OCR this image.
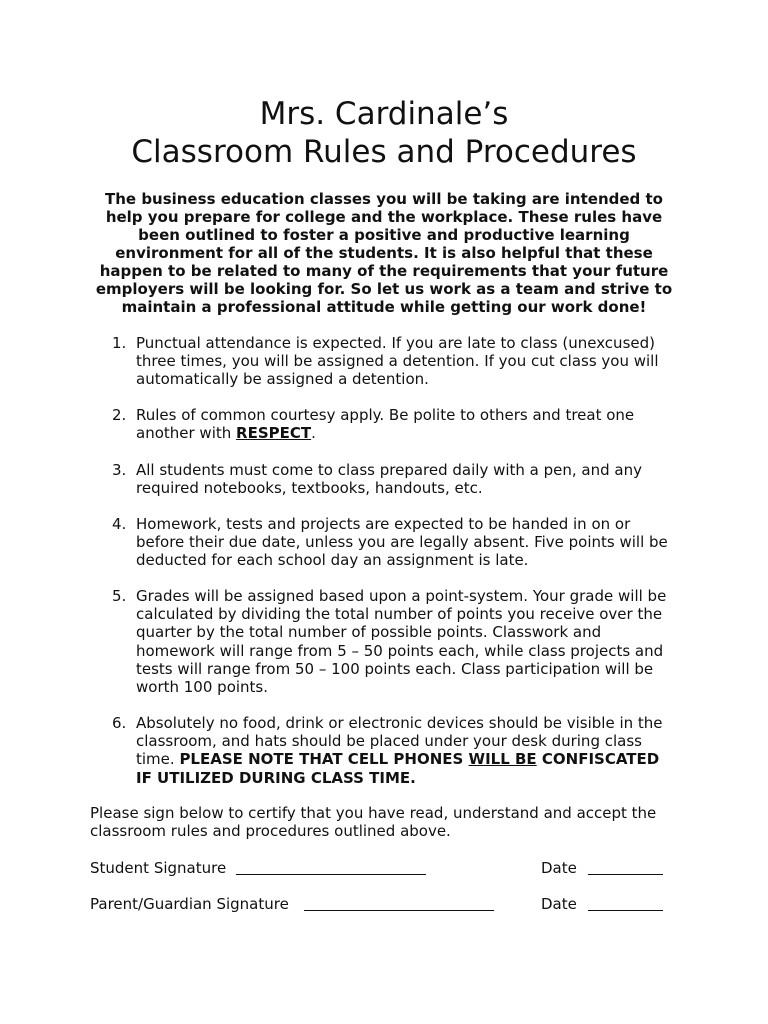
Mrs. Cardinale’s
Classroom Rules and Procedures
The business education classes you will be taking are intended to
help you prepare for college and the workplace. These rules have
been outlined to foster a positive and productive learning
environment for all of the students. It is also helpful that these
happen to be related to many of the requirements that your future
employers will be looking for. So let us work as a team and strive to
maintain a professional attitude while getting our work done!
1. Punctual attendance is expected. If you are late to class (unexcused)
three times, you will be assigned a detention. If you cut class you will
automatically be assigned a detention.
2. Rules of common courtesy apply. Be polite to others and treat one
another with RESPECT.
3. All students must come to class prepared daily with a pen, and any
required notebooks, textbooks, handouts, etc.
4. Homework, tests and projects are expected to be handed in on or
before their due date, unless you are legally absent. Five points will be
deducted for each school day an assignment is late.
5. Grades will be assigned based upon a point-system. Your grade will be
calculated by dividing the total number of points you receive over the
quarter by the total number of possible points. Classwork and
homework will range from 5 – 50 points each, while class projects and
tests will range from 50 – 100 points each. Class participation will be
worth 100 points.
6. Absolutely no food, drink or electronic devices should be visible in the
classroom, and hats should be placed under your desk during class
time. PLEASE NOTE THAT CELL PHONES WILL BE CONFISCATED
IF UTILIZED DURING CLASS TIME.
Please sign below to certify that you have read, understand and accept the
classroom rules and procedures outlined above.
Student Signature	Date
Parent/Guardian Signature	Date
